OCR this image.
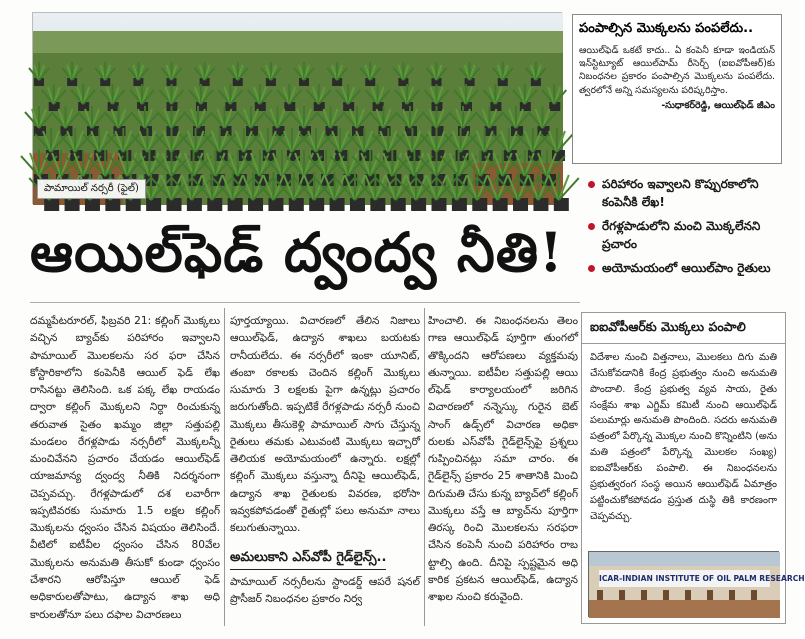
పామాయిల్ నర్సరీ (ఫైల్)
పంపాల్సిన మొక్కలను పంపలేదు..

ఆయిల్‌ఫెడ్ ఒకటే కాదు.. ఏ కంపెనీ కూడా ఇండియన్ ఇన్‌స్టిట్యూట్ ఆయిల్‌పామ్ రీసెర్చ్ (ఐఐవోపీఆర్)కు నిబంధనల ప్రకారం పంపాల్సిన మొక్కలను పంపలేదు. త్వరలోనే అన్ని సమస్యలను పరిష్కరిస్తాం.

-సుధాకర్‌రెడ్డి, ఆయిల్‌ఫెడ్ జీఎం
పరిహారం ఇవ్వాలని కొప్పురకాలోని కంపెనీకి లేఖ!
రేగళ్లపాడులోని మంచి మొక్కలేనని ప్రచారం
అయోమయంలో ఆయిల్‌పాం రైతులు
ఆయిల్‌ఫెడ్ ద్వంద్వ నీతి!
దమ్మపేటరూరల్, ఫిబ్రవరి 21: కల్లింగ్ మొక్కలు వచ్చిన బ్యాచ్‌కు పరిహారం ఇవ్వాలని పామాయిల్ మొలకలను సర ఫరా చేసిన కోస్టారికాలోని కంపెనీకి ఆయిల్ ఫెడ్ లేఖ రాసినట్టు తెలిసింది. ఒక పక్క లేఖ రాయడం ద్వారా కల్లింగ్ మొక్కలని నిర్ధా రించుకున్న తరువాత సైతం ఖమ్మం జిల్లా సత్తుపల్లి మండలం రేగళ్లపాడు నర్సరీలో మొక్కలన్నీ మంచివేనని ప్రచారం చేయడం ఆయిల్‌ఫెడ్ యాజమాన్య ద్వంద్వ నీతికి నిదర్శనంగా చెప్పవచ్చు. రేగళ్లపాడులో దశ లవారీగా ఇప్పటివరకు సుమారు 1.5 లక్షల కల్లింగ్ మొక్కలను ధ్వంసం చేసిన విషయం తెలిసిందే. వీటిలో ఐటీవీల ధ్వంసం చేసిన 80వేల మొక్కలను అనుమతి తీసుకో కుండా ధ్వంసం చేశారని ఆరోపిస్తూ ఆయిల్ ఫెడ్ అధికారులతోపాటు, ఉద్యాన శాఖ అధి కారులతోనూ పలు దఫాల విచారణలు
పూర్తయ్యాయి. విచారణలో తేలిన నిజాలు ఆయిల్‌ఫెడ్, ఉద్యాన శాఖలు బయటకు రానీయలేదు. ఈ నర్సరీలో ఇంకా యూనిట్, తంబా రకాలకు చెందిన కల్లింగ్ మొక్కలు సుమారు 3 లక్షలకు పైగా ఉన్నట్లు ప్రచారం జరుగుతోంది. ఇప్పటికే రేగళ్లపాడు నర్సరీ నుంచి మొక్కలు తీసుకెళ్లి పామాయిల్ సాగు చేస్తున్న రైతులు తమకు ఎటువంటి మొక్కలు ఇచ్చారో తెలియక అయోమయంలో ఉన్నారు. లక్షల్లో కల్లింగ్ మొక్కలు వస్తున్నా దీనిపై ఆయిల్‌ఫెడ్, ఉద్యాన శాఖ రైతులకు వివరణ, భరోసా ఇవ్వకపోవడంతో రైతుల్లో పలు అనుమా నాలు కలుగుతున్నాయి.
అమలుకాని ఎస్‌వోపీ గైడ్‌లైన్స్..
పామాయిల్ నర్సరీలను స్టాండర్డ్ ఆపరే షనల్ ప్రొసీజర్ నిబంధనల ప్రకారం నిర్వ
హించాలి. ఈ నిబంధనలను తెలం గాణ ఆయిల్‌ఫెడ్ పూర్తిగా తుంగలో తొక్కిందని ఆరోపణలు వ్యక్తమవు తున్నాయి. ఐటీవీల సత్తుపల్లి ఆయి ల్‌ఫెడ్ కార్యాలయంలో జరిగిన విచారణలో నన్నెస్కు గురైన బెట్ సాంగ్ ఉడ్స్‌లో విచారణ అధికా రులకు ఎస్‌వోపీ గైడ్‌లైన్స్‌పై ప్రశ్నలు గుప్పించినట్లు సమా చారం. ఈ గైడ్‌లైన్స్ ప్రకారం 25 శాతానికి మించి దిగుమతి చేసు కున్న బ్యాచ్‌లో కల్లింగ్ మొక్కలు వస్తే ఆ బ్యాచ్‌ను పూర్తిగా తిరస్క రించి మొలకలను సరఫరా చేసిన కంపెనీ నుంచి పరిహారం రాబ ట్టాల్సి ఉంది. దీనిపై స్పష్టమైన అధి కారిక ప్రకటన ఆయిల్‌ఫెడ్, ఉద్యాన శాఖల నుంచి కరువైంది.
ఐఐవోపీఆర్‌కు మొక్కలు పంపాలి

విదేశాల నుంచి విత్తనాలు, మొలకలు దిగు మతి చేసుకోవడానికి కేంద్ర ప్రభుత్వం నుంచి అనుమతి పొందాలి. కేంద్ర ప్రభుత్వ వ్యవ సాయ, రైతు సంక్షేమ శాఖ ఎగ్జిమ్ కమిటీ నుంచి ఆయిల్‌ఫెడ్ పలుమార్లు అనుమతి పొందింది. సదరు అనుమతి పత్రంలో పేర్కొన్న మొక్కల నుంచి కొన్నింటిని (అను మతి పత్రంలో పేర్కొన్న మొలకల సంఖ్య) ఐఐవోపీఆర్‌కు పంపాలి. ఈ నిబంధనలను ప్రభుత్వరంగ సంస్థ అయిన ఆయిల్‌ఫెడ్ ఏమాత్రం పట్టించుకోకపోవడం ప్రస్తుత దుస్థి తికి కారణంగా చెప్పవచ్చు.

ICAR-INDIAN INSTITUTE OF OIL PALM RESEARCH
